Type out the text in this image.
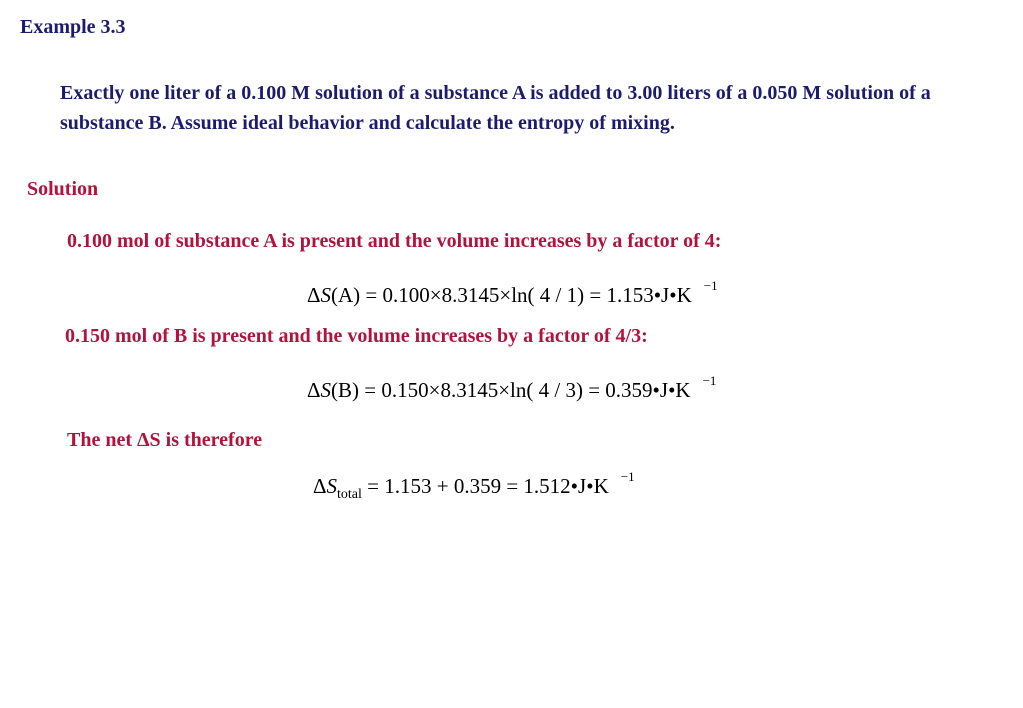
Example 3.3
Exactly one liter of a 0.100 M solution of a substance A is added to 3.00 liters of a 0.050 M solution of a substance B. Assume ideal behavior and calculate the entropy of mixing.
Solution
0.100 mol of substance A is present and the volume increases by a factor of 4:
ΔS(A) = 0.100×8.3145×ln( 4 / 1) = 1.153•J•K $^{-1}$
0.150 mol of B is present and the volume increases by a factor of 4/3:
ΔS(B) = 0.150×8.3145×ln( 4 / 3) = 0.359•J•K $^{-1}$
The net ΔS is therefore
$\Delta S_{total} = 1.153 + 0.359$ = 1.512•J•K $^{-1}$
